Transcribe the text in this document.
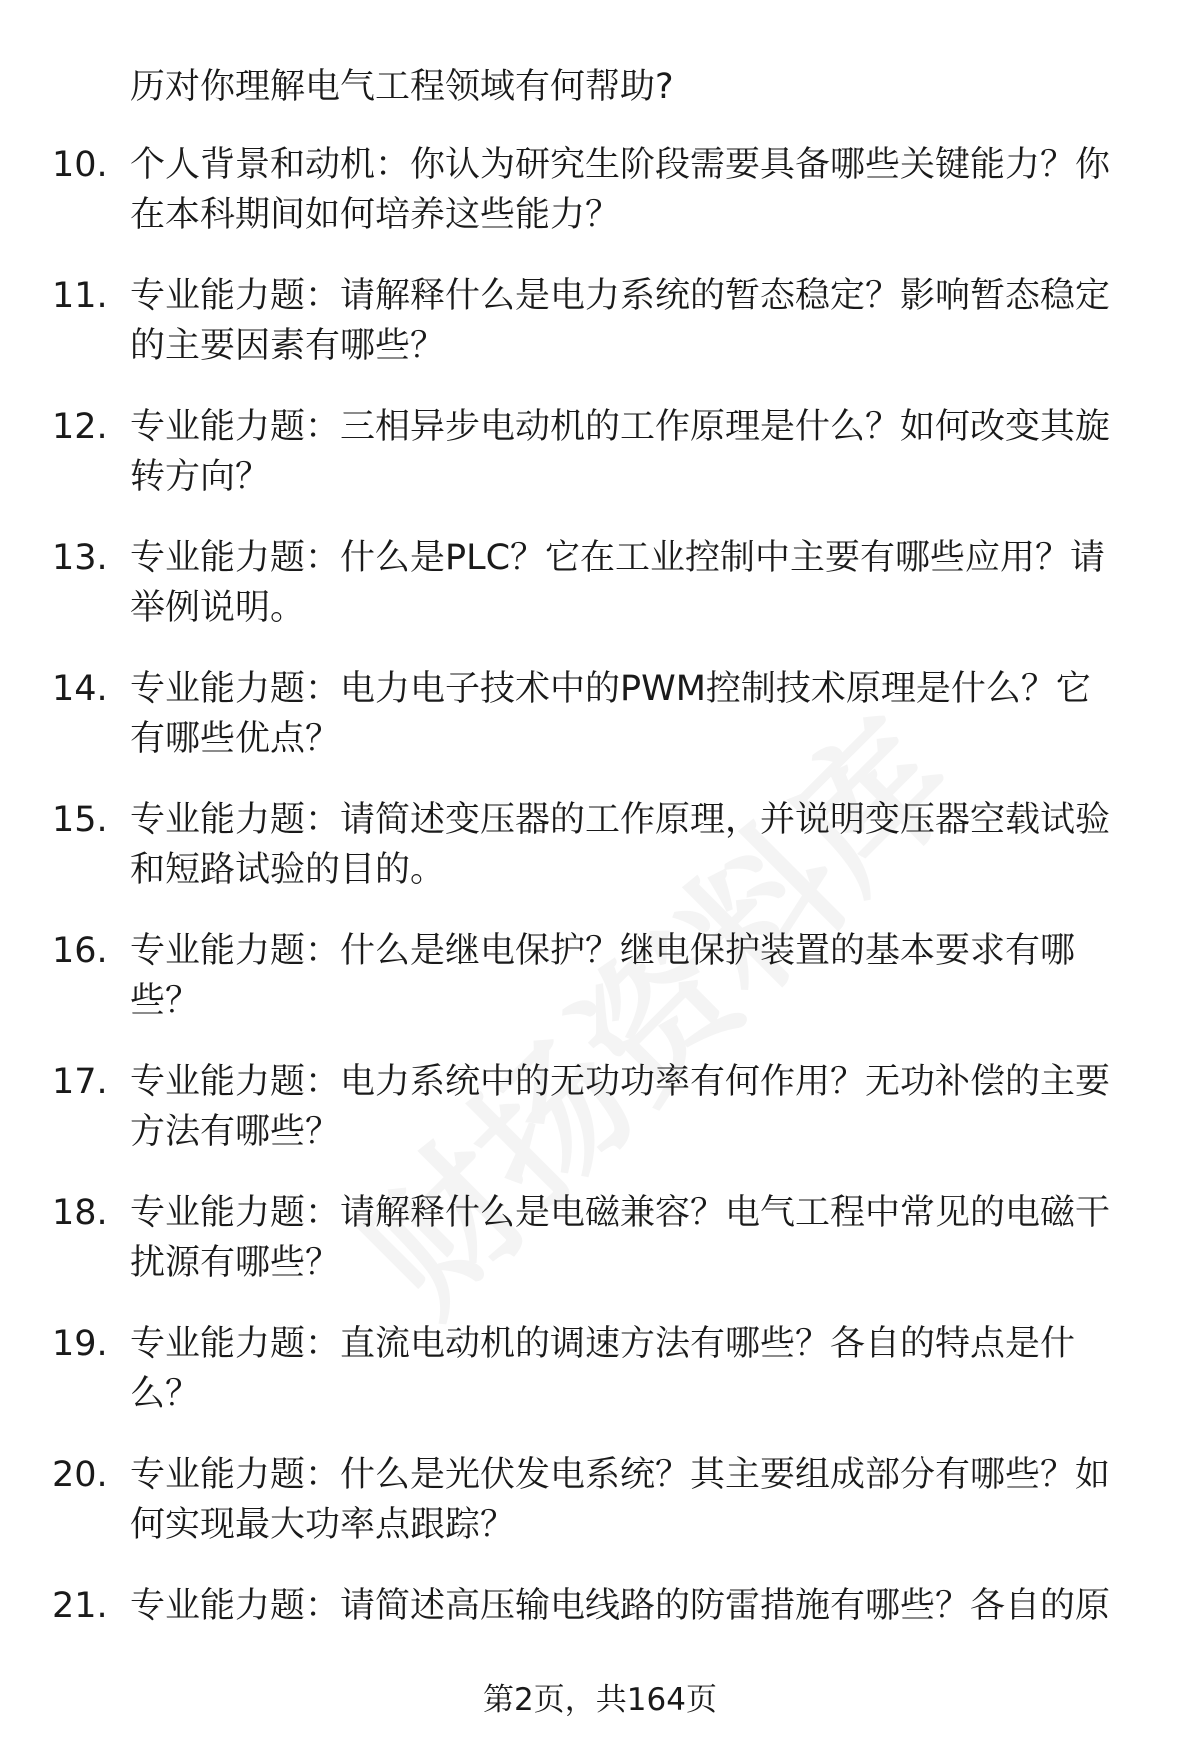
历对你理解电气工程领域有何帮助?
10. 个人背景和动机：你认为研究生阶段需要具备哪些关键能力？你
在本科期间如何培养这些能力？
11. 专业能力题：请解释什么是电力系统的暂态稳定？影响暂态稳定
的主要因素有哪些？
12. 专业能力题：三相异步电动机的工作原理是什么？如何改变其旋
转方向？
13. 专业能力题：什么是PLC？它在工业控制中主要有哪些应用？请
举例说明。
14. 专业能力题：电力电子技术中的PWM控制技术原理是什么？它
有哪些优点？
15. 专业能力题：请简述变压器的工作原理，并说明变压器空载试验
和短路试验的目的。
16. 专业能力题：什么是继电保护？继电保护装置的基本要求有哪
些？
17. 专业能力题：电力系统中的无功功率有何作用？无功补偿的主要
方法有哪些？
18. 专业能力题：请解释什么是电磁兼容？电气工程中常见的电磁干
扰源有哪些？
19. 专业能力题：直流电动机的调速方法有哪些？各自的特点是什
么？
20. 专业能力题：什么是光伏发电系统？其主要组成部分有哪些？如
何实现最大功率点跟踪？
21. 专业能力题：请简述高压输电线路的防雷措施有哪些？各自的原
第2页，共164页
